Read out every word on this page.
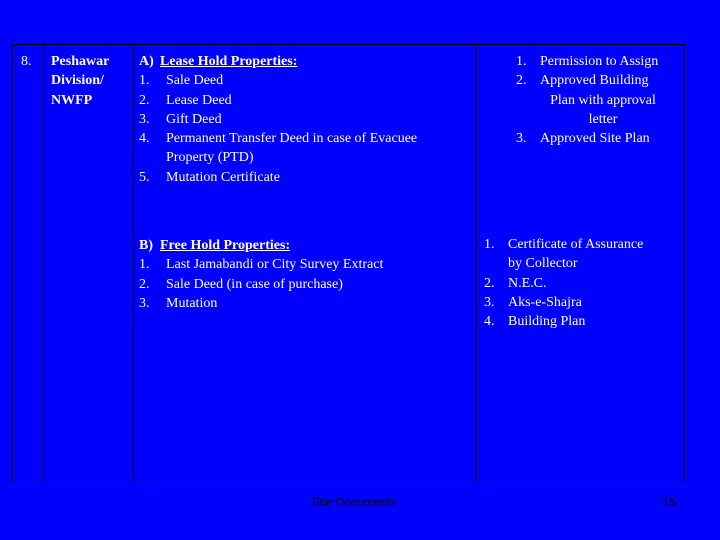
8. Peshawar
Division/
NWFP
A) Lease Hold Properties:
1. Sale Deed
2. Lease Deed
3. Gift Deed
4. Permanent Transfer Deed in case of Evacuee
Property (PTD)
5. Mutation Certificate
1. Permission to Assign
2. Approved Building
Plan with approval
letter
3. Approved Site Plan
B) Free Hold Properties:
1. Last Jamabandi or City Survey Extract
2. Sale Deed (in case of purchase)
3. Mutation
1. Certificate of Assurance
by Collector
2. N.E.C.
3. Aks-e-Shajra
4. Building Plan
Title Documents	15
